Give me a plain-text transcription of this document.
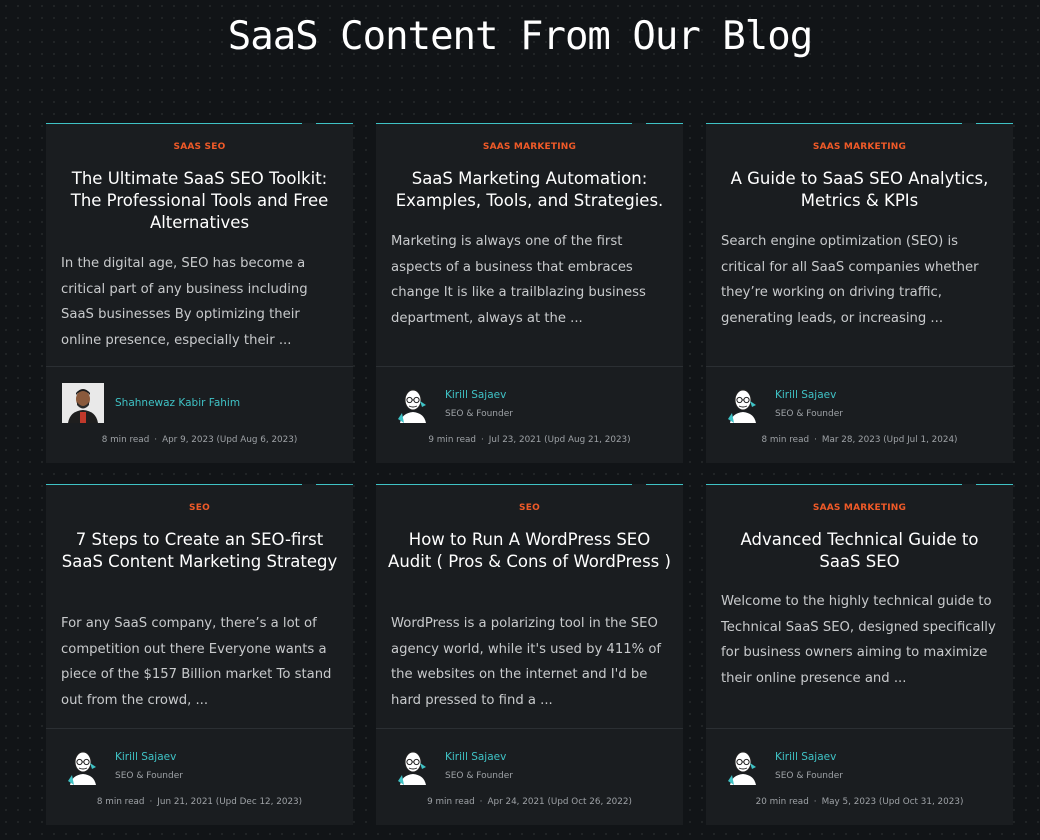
SaaS Content From Our Blog
SAAS SEO
The Ultimate SaaS SEO Toolkit: The Professional Tools and Free Alternatives
In the digital age, SEO has become a critical part of any business including SaaS businesses By optimizing their online presence, especially their ...
Shahnewaz Kabir Fahim
8 min read · Apr 9, 2023 (Upd Aug 6, 2023)
SAAS MARKETING
SaaS Marketing Automation: Examples, Tools, and Strategies.
Marketing is always one of the first aspects of a business that embraces change It is like a trailblazing business department, always at the ...
Kirill Sajaev
SEO & Founder
9 min read · Jul 23, 2021 (Upd Aug 21, 2023)
SAAS MARKETING
A Guide to SaaS SEO Analytics, Metrics & KPIs
Search engine optimization (SEO) is critical for all SaaS companies whether they’re working on driving traffic, generating leads, or increasing ...
Kirill Sajaev
SEO & Founder
8 min read · Mar 28, 2023 (Upd Jul 1, 2024)
SEO
7 Steps to Create an SEO-first SaaS Content Marketing Strategy
For any SaaS company, there’s a lot of competition out there Everyone wants a piece of the $157 Billion market To stand out from the crowd, ...
Kirill Sajaev
SEO & Founder
8 min read · Jun 21, 2021 (Upd Dec 12, 2023)
SEO
How to Run A WordPress SEO Audit ( Pros & Cons of WordPress )
WordPress is a polarizing tool in the SEO agency world, while it's used by 411% of the websites on the internet and I'd be hard pressed to find a ...
Kirill Sajaev
SEO & Founder
9 min read · Apr 24, 2021 (Upd Oct 26, 2022)
SAAS MARKETING
Advanced Technical Guide to SaaS SEO
Welcome to the highly technical guide to Technical SaaS SEO, designed specifically for business owners aiming to maximize their online presence and ...
Kirill Sajaev
SEO & Founder
20 min read · May 5, 2023 (Upd Oct 31, 2023)
